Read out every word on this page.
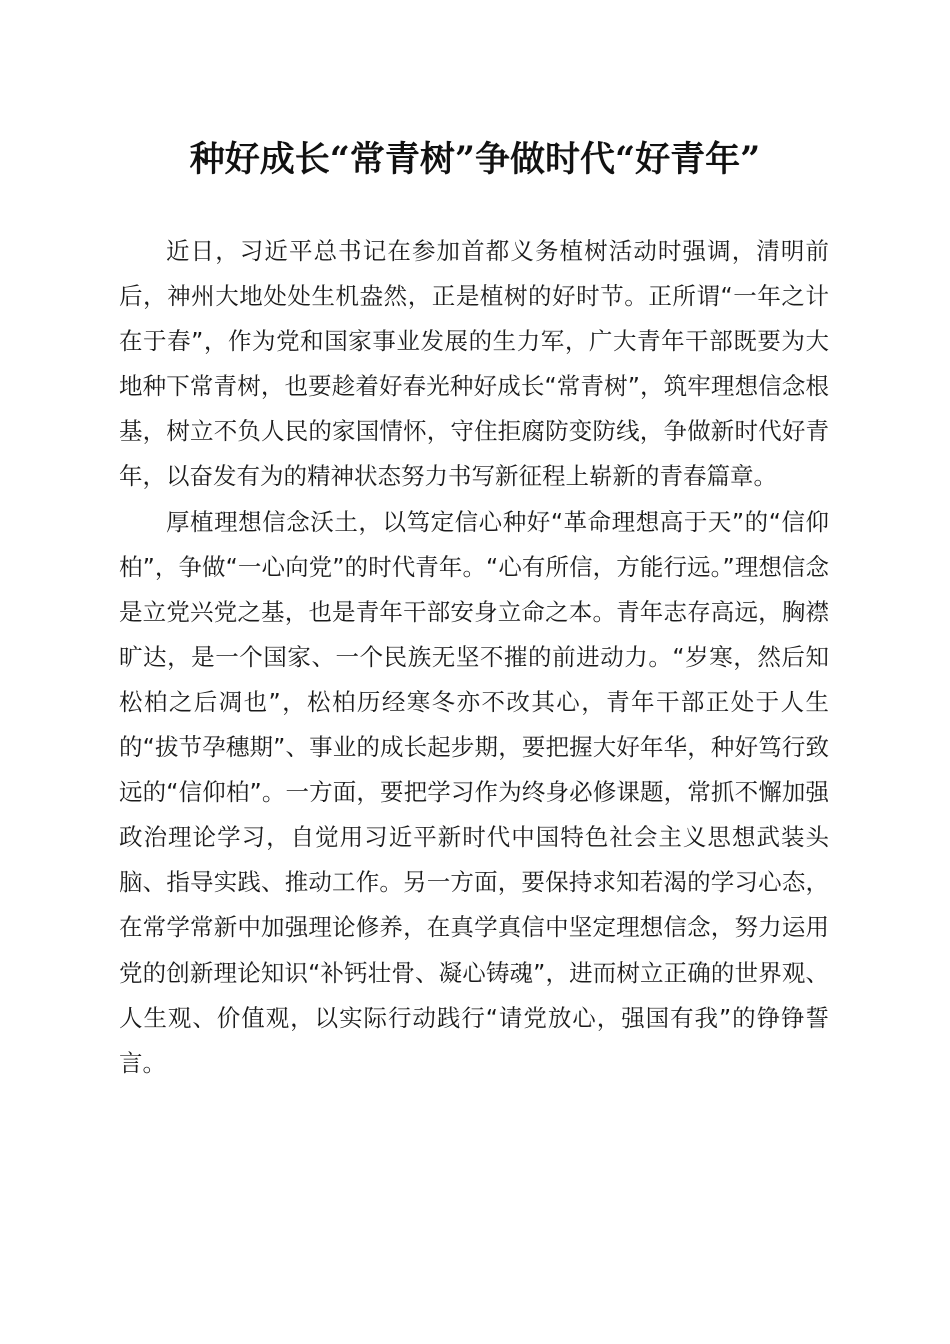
种好成长“常青树”争做时代“好青年”

近日，习近平总书记在参加首都义务植树活动时强调，清明前后，神州大地处处生机盎然，正是植树的好时节。正所谓“一年之计在于春”，作为党和国家事业发展的生力军，广大青年干部既要为大地种下常青树，也要趁着好春光种好成长“常青树”，筑牢理想信念根基，树立不负人民的家国情怀，守住拒腐防变防线，争做新时代好青年，以奋发有为的精神状态努力书写新征程上崭新的青春篇章。

厚植理想信念沃土，以笃定信心种好“革命理想高于天”的“信仰柏”，争做“一心向党”的时代青年。“心有所信，方能行远。”理想信念是立党兴党之基，也是青年干部安身立命之本。青年志存高远，胸襟旷达，是一个国家、一个民族无坚不摧的前进动力。“岁寒，然后知松柏之后凋也”，松柏历经寒冬亦不改其心，青年干部正处于人生的“拔节孕穗期”、事业的成长起步期，要把握大好年华，种好笃行致远的“信仰柏”。一方面，要把学习作为终身必修课题，常抓不懈加强政治理论学习，自觉用习近平新时代中国特色社会主义思想武装头脑、指导实践、推动工作。另一方面，要保持求知若渴的学习心态，在常学常新中加强理论修养，在真学真信中坚定理想信念，努力运用党的创新理论知识“补钙壮骨、凝心铸魂”，进而树立正确的世界观、人生观、价值观，以实际行动践行“请党放心，强国有我”的铮铮誓言。
